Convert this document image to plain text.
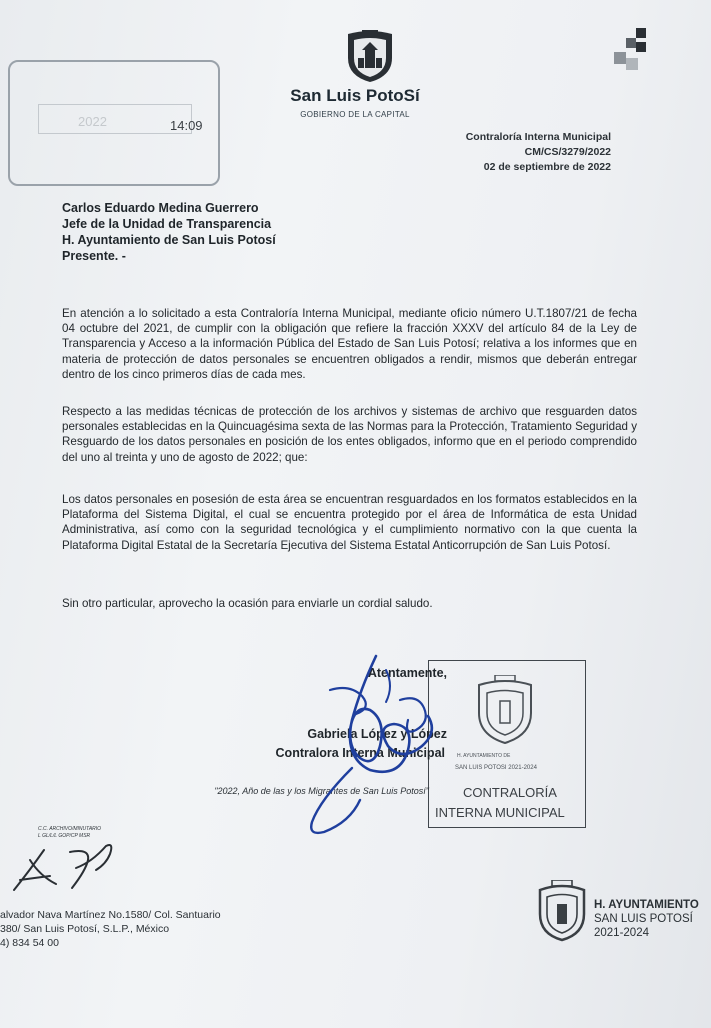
2022	14:09
San Luis PotoSí
GOBIERNO DE LA CAPITAL
Contraloría Interna Municipal
CM/CS/3279/2022
02 de septiembre de 2022
Carlos Eduardo Medina Guerrero
Jefe de la Unidad de Transparencia
H. Ayuntamiento de San Luis Potosí
Presente. -
En atención a lo solicitado a esta Contraloría Interna Municipal, mediante oficio número U.T.1807/21 de fecha 04 octubre del 2021, de cumplir con la obligación que refiere la fracción XXXV del artículo 84 de la Ley de Transparencia y Acceso a la información Pública del Estado de San Luis Potosí; relativa a los informes que en materia de protección de datos personales se encuentren obligados a rendir, mismos que deberán entregar dentro de los cinco primeros días de cada mes.
Respecto a las medidas técnicas de protección de los archivos y sistemas de archivo que resguarden datos personales establecidas en la Quincuagésima sexta de las Normas para la Protección, Tratamiento Seguridad y Resguardo de los datos personales en posición de los entes obligados, informo que en el periodo comprendido del uno al treinta y uno de agosto de 2022; que:
Los datos personales en posesión de esta área se encuentran resguardados en los formatos establecidos en la Plataforma del Sistema Digital, el cual se encuentra protegido por el área de Informática de esta Unidad Administrativa, así como con la seguridad tecnológica y el cumplimiento normativo con la que cuenta la Plataforma Digital Estatal de la Secretaría Ejecutiva del Sistema Estatal Anticorrupción de San Luis Potosí.
Sin otro particular, aprovecho la ocasión para enviarle un cordial saludo.
H. AYUNTAMIENTO DE
SAN LUIS POTOSI 2021-2024
CONTRALORÍA
INTERNA MUNICIPAL
Atentamente,
Gabriela López y López
Contralora Interna Municipal
"2022, Año de las y los Migrantes de San Luis Potosí"
C.C. ARCHIVO/MINUTARIO
L GL/L/L GOP/CP MSR
alvador Nava Martínez No.1580/ Col. Santuario
380/ San Luis Potosí, S.L.P., México
4) 834 54 00
H. AYUNTAMIENTO
SAN LUIS POTOSÍ
2021-2024
